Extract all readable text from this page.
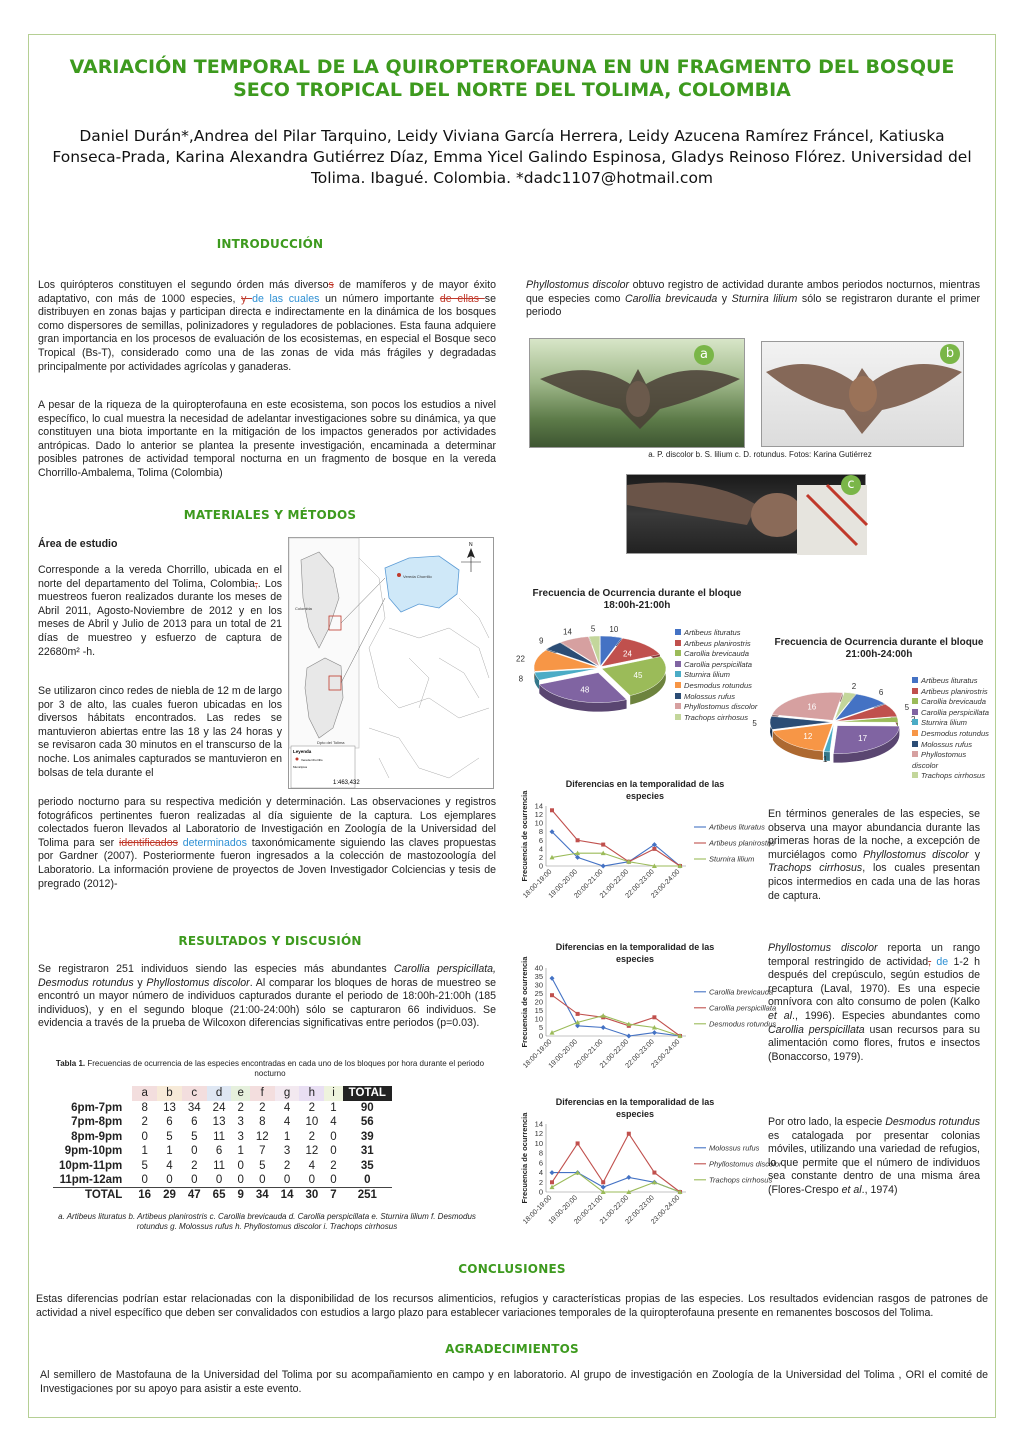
VARIACIÓN TEMPORAL DE LA QUIROPTEROFAUNA EN UN FRAGMENTO DEL BOSQUE SECO TROPICAL DEL NORTE DEL TOLIMA, COLOMBIA
Daniel Durán*,Andrea del Pilar Tarquino, Leidy Viviana García Herrera, Leidy Azucena Ramírez Fráncel, Katiuska Fonseca-Prada, Karina Alexandra Gutiérrez Díaz, Emma Yicel Galindo Espinosa, Gladys Reinoso Flórez. Universidad del Tolima. Ibagué. Colombia. *dadc1107@hotmail.com
INTRODUCCIÓN
Los quirópteros constituyen el segundo órden más diversos de mamíferos y de mayor éxito adaptativo, con más de 1000 especies, y de las cuales un número importante de ellas se distribuyen en zonas bajas y participan directa e indirectamente en la dinámica de los bosques como dispersores de semillas, polinizadores y reguladores de poblaciones. Esta fauna adquiere gran importancia en los procesos de evaluación de los ecosistemas, en especial el Bosque seco Tropical (Bs-T), considerado como una de las zonas de vida más frágiles y degradadas principalmente por actividades agrícolas y ganaderas.
A pesar de la riqueza de la quiropterofauna en este ecosistema, son pocos los estudios a nivel específico, lo cual muestra la necesidad de adelantar investigaciones sobre su dinámica, ya que constituyen una biota importante en la mitigación de los impactos generados por actividades antrópicas. Dado lo anterior se plantea la presente investigación, encaminada a determinar posibles patrones de actividad temporal nocturna en un fragmento de bosque en la vereda Chorrillo-Ambalema, Tolima (Colombia)
MATERIALES Y MÉTODOS
Área de estudio
Corresponde a la vereda Chorrillo, ubicada en el norte del departamento del Tolima, Colombia,. Los muestreos fueron realizados durante los meses de Abril 2011, Agosto-Noviembre de 2012 y en los meses de Abril y Julio de 2013 para un total de 21 días de muestreo y esfuerzo de captura de 22680m² -h.
Se utilizaron cinco redes de niebla de 12 m de largo por 3 de alto, las cuales fueron ubicadas en los diversos hábitats encontrados. Las redes se mantuvieron abiertas entre las 18 y las 24 horas y se revisaron cada 30 minutos en el transcurso de la noche. Los animales capturados se mantuvieron en bolsas de tela durante el
periodo nocturno para su respectiva medición y determinación. Las observaciones y registros fotográficos pertinentes fueron realizadas al día siguiente de la captura. Los ejemplares colectados fueron llevados al Laboratorio de Investigación en Zoología de la Universidad del Tolima para ser identificados determinados taxonómicamente siguiendo las claves propuestas por Gardner (2007). Posteriormente fueron ingresados a la colección de mastozoología del Laboratorio. La información proviene de proyectos de Joven Investigador Colciencias y tesis de pregrado (2012)-
Vereda Chorrillo
Colombia
Dpto del Tolima
N
Leyenda
Vereda Chorrillo
Municipios
1:463,432
RESULTADOS Y DISCUSIÓN
Se registraron 251 individuos siendo las especies más abundantes Carollia perspicillata, Desmodus rotundus y Phyllostomus discolor. Al comparar los bloques de horas de muestreo se encontró un mayor número de individuos capturados durante el periodo de 18:00h-21:00h (185 individuos), y en el segundo bloque (21:00-24:00h) sólo se capturaron 66 individuos. Se evidencia a través de la prueba de Wilcoxon diferencias significativas entre periodos (p=0.03).
Tabla 1. Frecuencias de ocurrencia de las especies encontradas en cada uno de los bloques por hora durante el periodo nocturno
	a	b	c	d	e	f	g	h	i	TOTAL
6pm-7pm	8	13	34	24	2	2	4	2	1	90
7pm-8pm	2	6	6	13	3	8	4	10	4	56
8pm-9pm	0	5	5	11	3	12	1	2	0	39
9pm-10pm	1	1	0	6	1	7	3	12	0	31
10pm-11pm	5	4	2	11	0	5	2	4	2	35
11pm-12am	0	0	0	0	0	0	0	0	0	0
TOTAL	16	29	47	65	9	34	14	30	7	251
a. Artibeus lituratus b. Artibeus planirostris c. Carollia brevicauda d. Carollia perspicillata e. Sturnira lilium f. Desmodus rotundus g. Molossus rufus h. Phyllostomus discolor i. Trachops cirrhosus
Phyllostomus discolor obtuvo registro de actividad durante ambos periodos nocturnos, mientras que especies como Carollia brevicauda y Sturnira lilium sólo se registraron durante el primer periodo
a	b
a. P. discolor b. S. lilium c. D. rotundus. Fotos: Karina Gutiérrez
c
Frecuencia de Ocurrencia durante el bloque 18:00h-21:00h
10
24
45
48
8
22
9
14 5	Artibeus lituratus
Artibeus planirostris
Carollia brevicauda
Carollia perspicillata
Sturnira lilium
Desmodus rotundus
Molossus rufus
Phyllostomus discolor
Trachops cirrhosus
Frecuencia de Ocurrencia durante el bloque 21:00h-24:00h
6
5
17
1
12
5
16
2
Artibeus lituratus
Artibeus planirostris
Carollia brevicauda
Carollia perspicillata
Sturnira lilium
Desmodus rotundus
Molossus rufus
Phyllostomus discolor
Trachops cirrhosus
Diferencias en la temporalidad de las especies
0
2
4
6
8
10
12
14
18:00-19:00
19:00-20:00
20:00-21:00
21:00-22:00
22:00-23:00
23:00-24:00
Frecuencia de ocurrencia	Artibeus lituratus
Artibeus planirostris
Sturnira lilium
Diferencias en la temporalidad de las especies
0
5
10
15
20
25
30
35
40
18:00-19:00
19:00-20:00
20:00-21:00
21:00-22:00
22:00-23:00
23:00-24:00
Frecuencia de ocurrencia	Carollia brevicauda
Carollia perspicillata
Desmodus rotundus
Diferencias en la temporalidad de las especies
0
2
4
6
8
10
12
14
18:00-19:00
19:00-20:00
20:00-21:00
21:00-22:00
22:00-23:00
23:00-24:00
Frecuencia de ocurrencia	Molossus rufus
Phyllostomus discolor
Trachops cirrhosus
En términos generales de las especies, se observa una mayor abundancia durante las primeras horas de la noche, a excepción de murciélagos como Phyllostomus discolor y Trachops cirrhosus, los cuales presentan picos intermedios en cada una de las horas de captura.
Phyllostomus discolor reporta un rango temporal restringido de actividad, de 1-2 h después del crepúsculo, según estudios de recaptura (Laval, 1970). Es una especie omnívora con alto consumo de polen (Kalko et al., 1996). Especies abundantes como Carollia perspicillata usan recursos para su alimentación como flores, frutos e insectos (Bonaccorso, 1979).
Por otro lado, la especie Desmodus rotundus es catalogada por presentar colonias móviles, utilizando una variedad de refugios, lo que permite que el número de individuos sea constante dentro de una misma área (Flores-Crespo et al., 1974)
CONCLUSIONES
Estas diferencias podrían estar relacionadas con la disponibilidad de los recursos alimenticios, refugios y características propias de las especies. Los resultados evidencian rasgos de patrones de actividad a nivel específico que deben ser convalidados con estudios a largo plazo para establecer variaciones temporales de la quiropterofauna presente en remanentes boscosos del Tolima.
AGRADECIMIENTOS
Al semillero de Mastofauna de la Universidad del Tolima por su acompañamiento en campo y en laboratorio. Al grupo de investigación en Zoología de la Universidad del Tolima , ORI el comité de Investigaciones por su apoyo para asistir a este evento.
